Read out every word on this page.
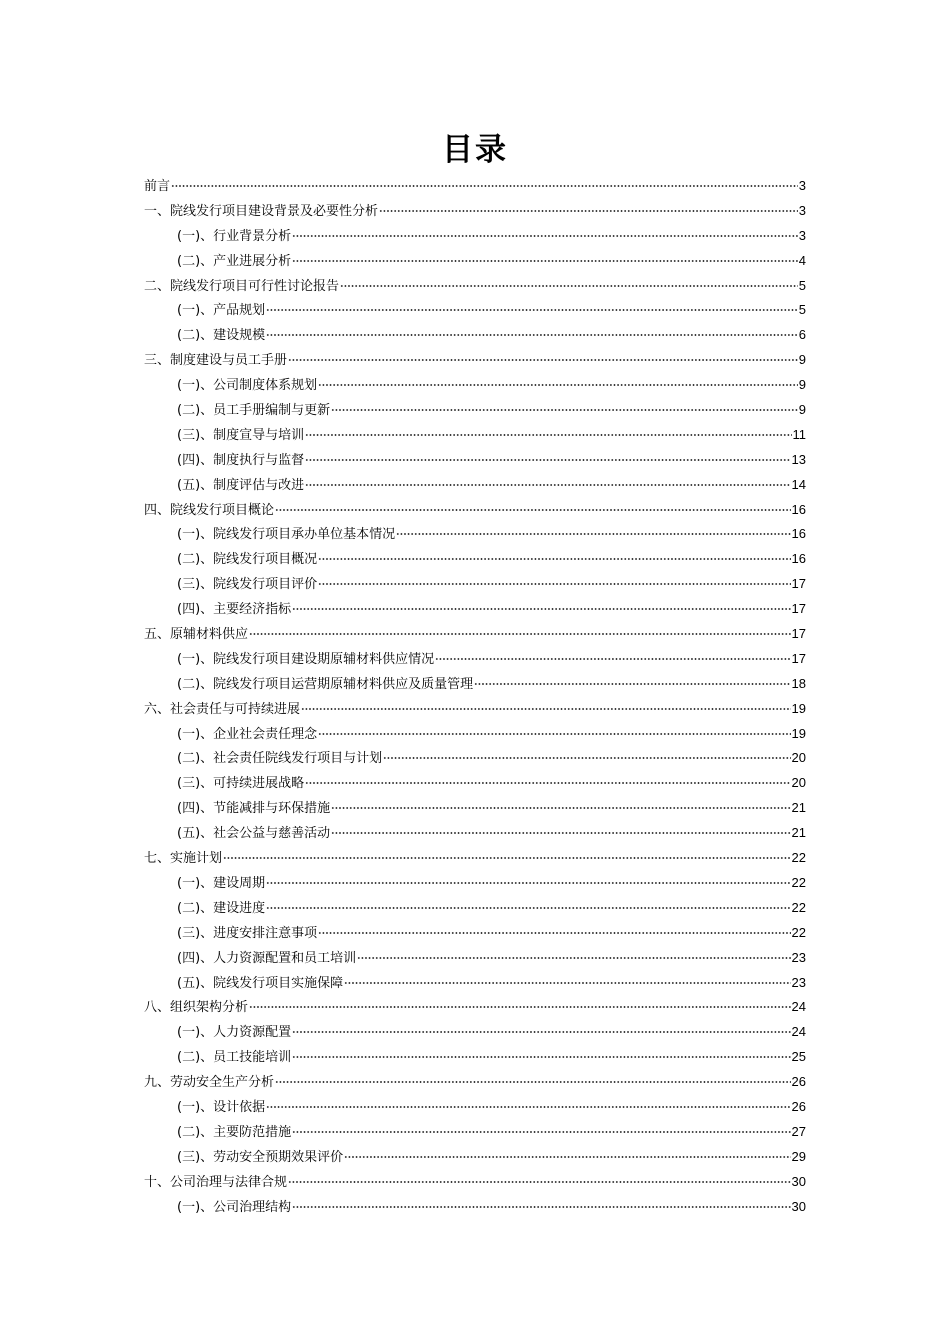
目录
前言	3
一、院线发行项目建设背景及必要性分析	3
(一)、行业背景分析	3
(二)、产业进展分析	4
二、院线发行项目可行性讨论报告	5
(一)、产品规划	5
(二)、建设规模	6
三、制度建设与员工手册	9
(一)、公司制度体系规划	9
(二)、员工手册编制与更新	9
(三)、制度宣导与培训	11
(四)、制度执行与监督	13
(五)、制度评估与改进	14
四、院线发行项目概论	16
(一)、院线发行项目承办单位基本情况	16
(二)、院线发行项目概况	16
(三)、院线发行项目评价	17
(四)、主要经济指标	17
五、原辅材料供应	17
(一)、院线发行项目建设期原辅材料供应情况	17
(二)、院线发行项目运营期原辅材料供应及质量管理	18
六、社会责任与可持续进展	19
(一)、企业社会责任理念	19
(二)、社会责任院线发行项目与计划	20
(三)、可持续进展战略	20
(四)、节能减排与环保措施	21
(五)、社会公益与慈善活动	21
七、实施计划	22
(一)、建设周期	22
(二)、建设进度	22
(三)、进度安排注意事项	22
(四)、人力资源配置和员工培训	23
(五)、院线发行项目实施保障	23
八、组织架构分析	24
(一)、人力资源配置	24
(二)、员工技能培训	25
九、劳动安全生产分析	26
(一)、设计依据	26
(二)、主要防范措施	27
(三)、劳动安全预期效果评价	29
十、公司治理与法律合规	30
(一)、公司治理结构	30
